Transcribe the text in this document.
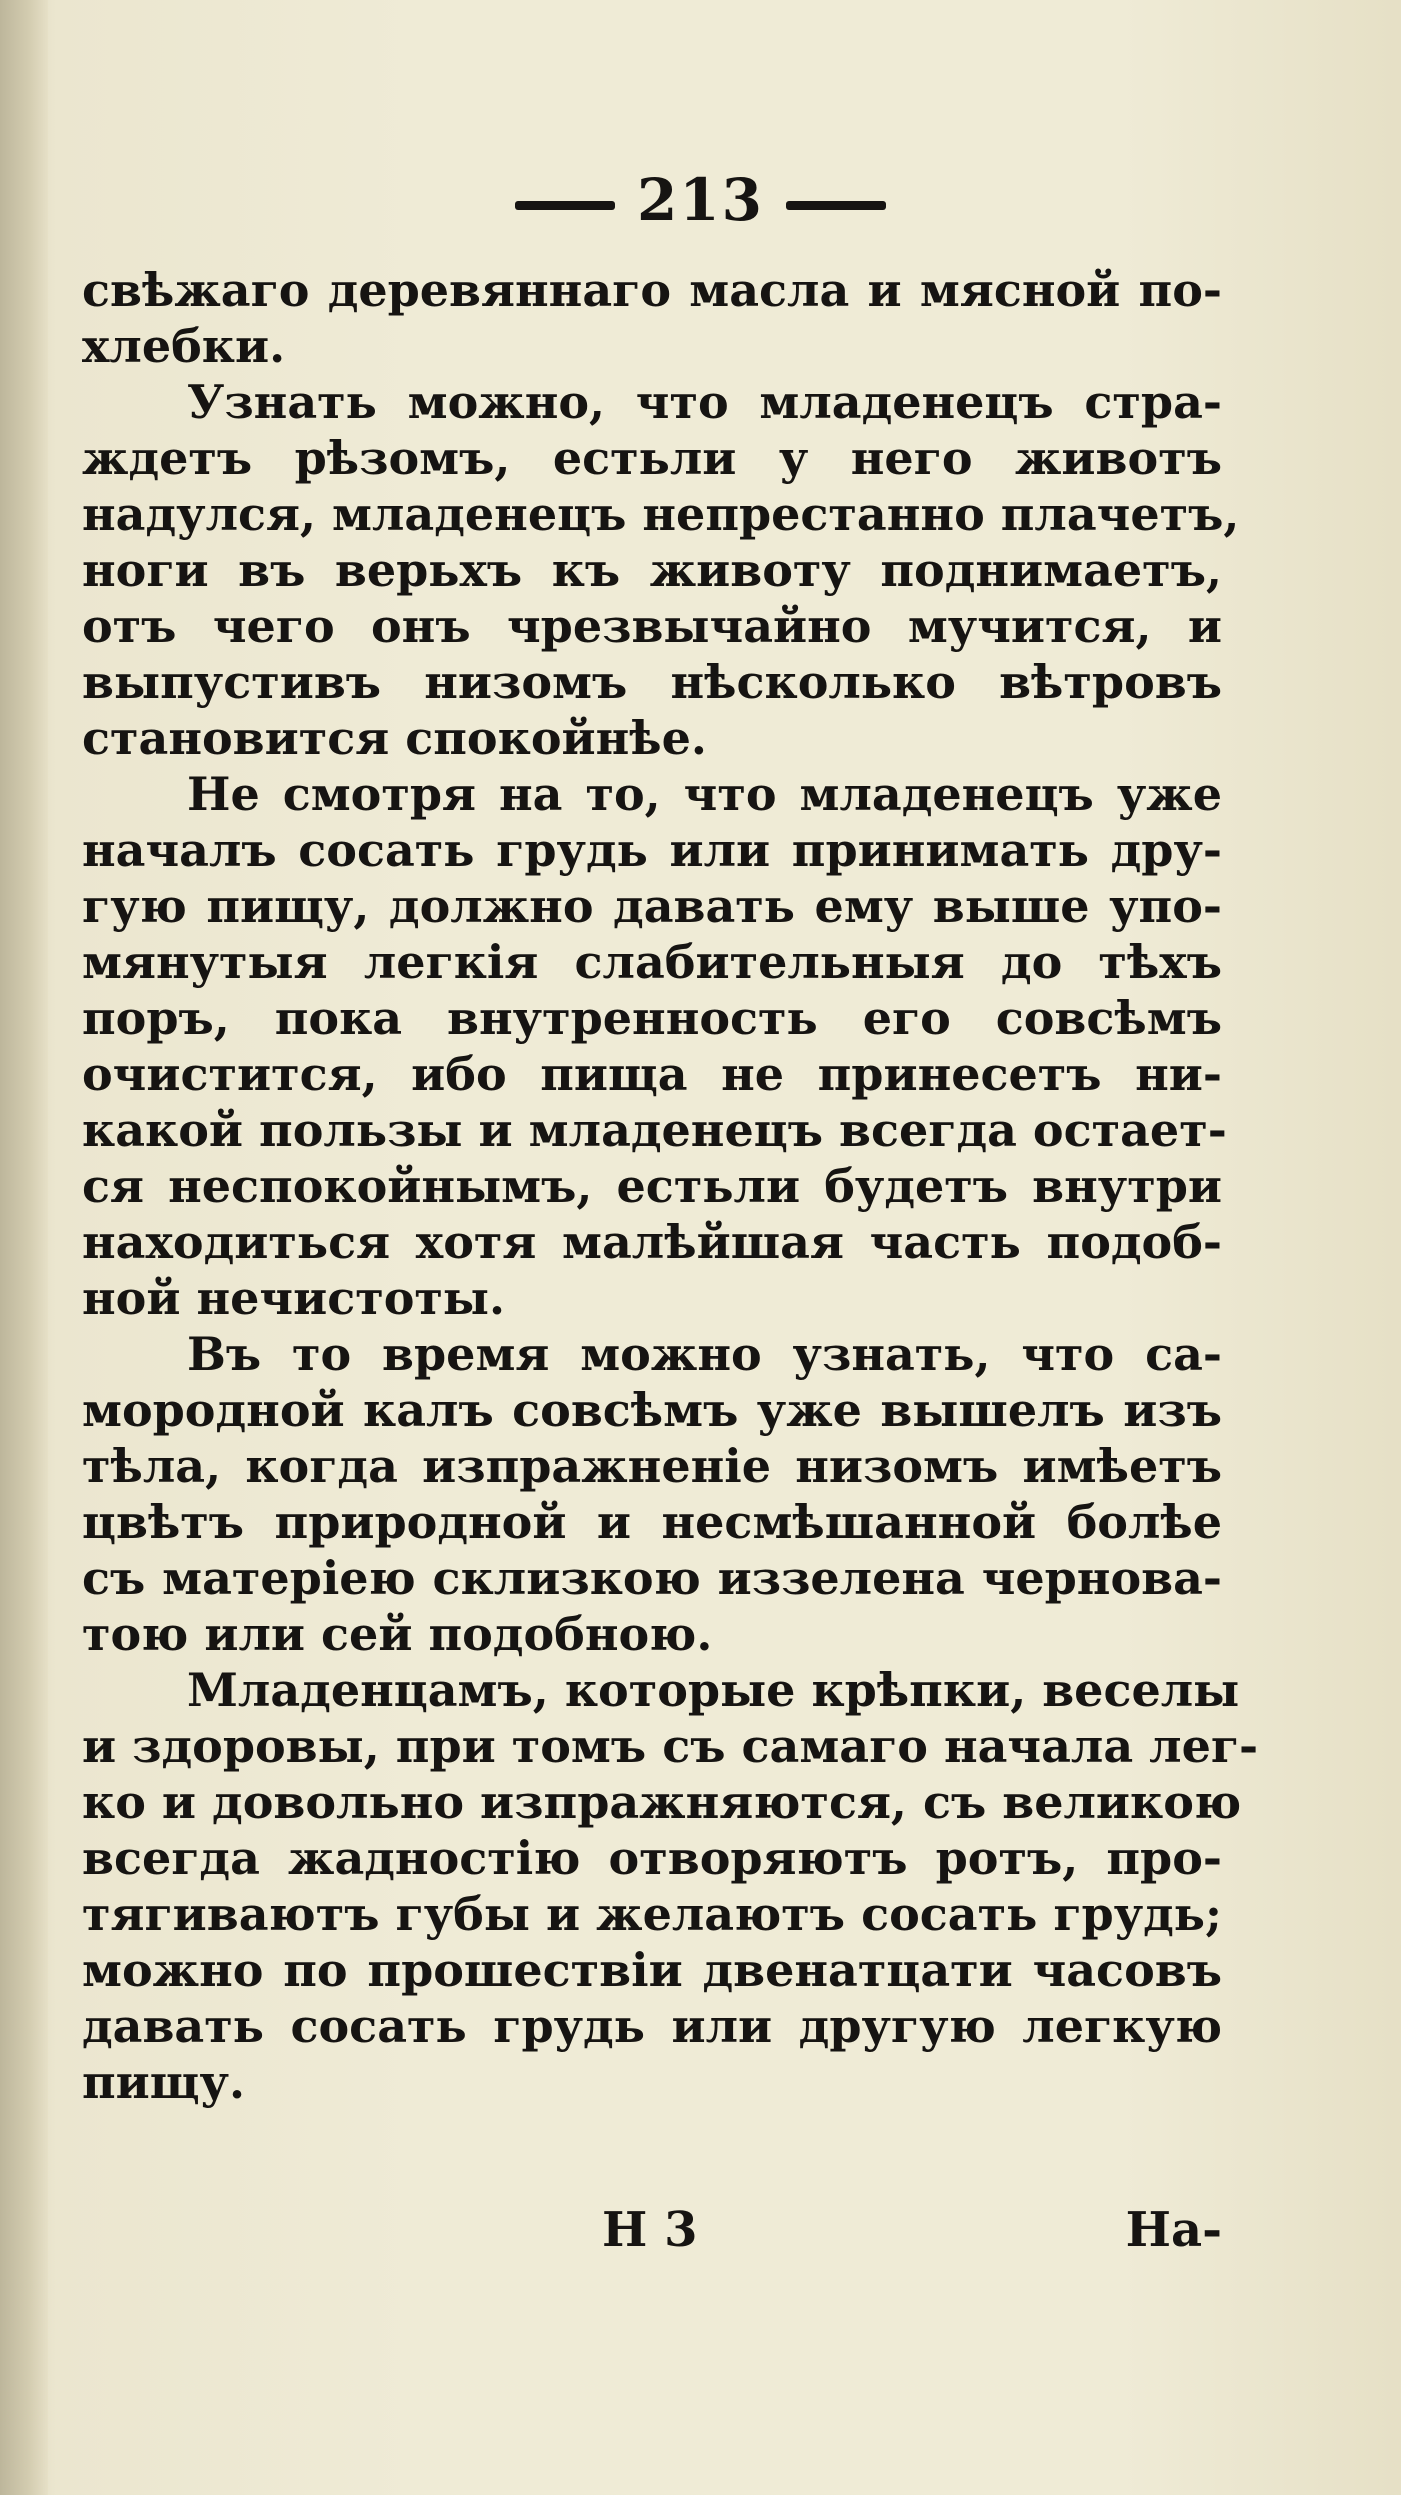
213
свѣжаго деревяннаго масла и мясной по-
хлебки.
Узнать можно, что младенецъ стра-
ждетъ рѣзомъ, естьли у него животъ
надулся, младенецъ непрестанно плачетъ,
ноги въ верьхъ къ животу поднимаетъ,
отъ чего онъ чрезвычайно мучится, и
выпустивъ низомъ нѣсколько вѣтровъ
становится спокойнѣе.
Не смотря на то, что младенецъ уже
началъ сосать грудь или принимать дру-
гую пищу, должно давать ему выше упо-
мянутыя легкія слабительныя до тѣхъ
поръ, пока внутренность его совсѣмъ
очистится, ибо пища не принесетъ ни-
какой пользы и младенецъ всегда остает-
ся неспокойнымъ, естьли будетъ внутри
находиться хотя малѣйшая часть подоб-
ной нечистоты.
Въ то время можно узнать, что са-
мородной калъ совсѣмъ уже вышелъ изъ
тѣла, когда изпражненіе низомъ имѣетъ
цвѣтъ природной и несмѣшанной болѣе
съ матеріею склизкою иззелена чернова-
тою или сей подобною.
Младенцамъ, которые крѣпки, веселы
и здоровы, при томъ съ самаго начала лег-
ко и довольно изпражняются, съ великою
всегда жадностію отворяютъ ротъ, про-
тягиваютъ губы и желаютъ сосать грудь;
можно по прошествіи двенатцати часовъ
давать сосать грудь или другую легкую
пищу.
Н 3	На-
